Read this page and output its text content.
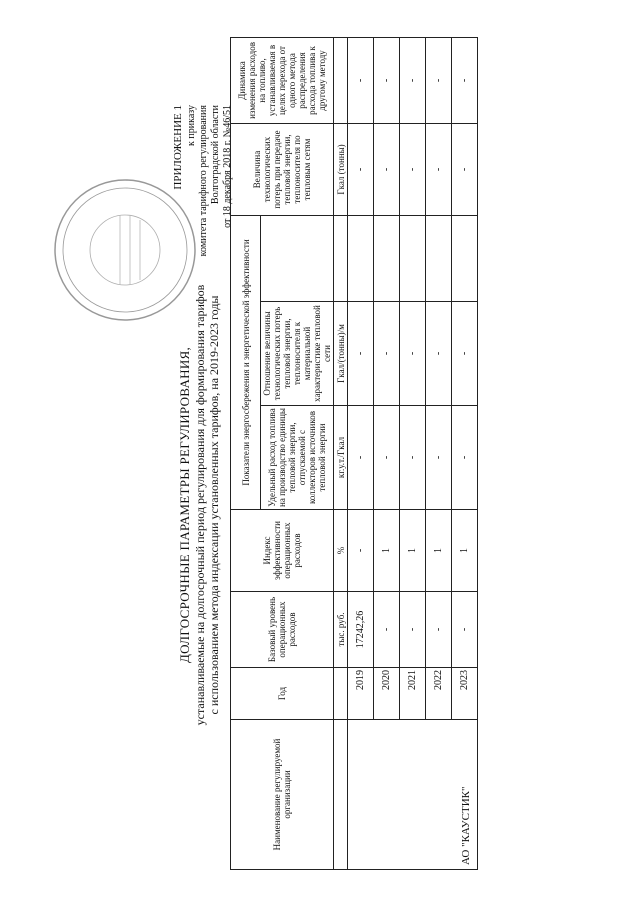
ПРИЛОЖЕНИЕ 1 к приказу комитета тарифного регулирования Волгоградской области от 18 декабря 2018 г. №46/51
ДОЛГОСРОЧНЫЕ ПАРАМЕТРЫ РЕГУЛИРОВАНИЯ, устанавливаемые на долгосрочный период регулирования для формирования тарифов с использованием метода индексации установленных тарифов, на 2019-2023 годы
Наименование регулируемой организации	Год	Базовый уровень операционных расходов	Индекс эффективности операционных расходов	Показатели энергосбережения и энергетической эффективности			Величина технологических потерь при передаче тепловой энергии, теплоносителя по тепловым сетям	Динамика изменения расходов на топливо, устанавливаемая в целях перехода от одного метода распределения расхода топлива к другому методу
				Удельный расход топлива на производство единицы тепловой энергии, отпускаемой с коллекторов источников тепловой энергии	Отношение величины технологических потерь тепловой энергии, теплоносителя к материальной характеристике тепловой сети			
		тыс. руб.	%	кг.у.т./Гкал	Гкал/(тонны)/м		Гкал (тонны)	
АО "КАУСТИК"	2019	17242,26	-	-	-		-	-
	2020	-	1	-	-		-	-
	2021	-	1	-	-		-	-
	2022	-	1	-	-		-	-
	2023	-	1	-	-		-	-
